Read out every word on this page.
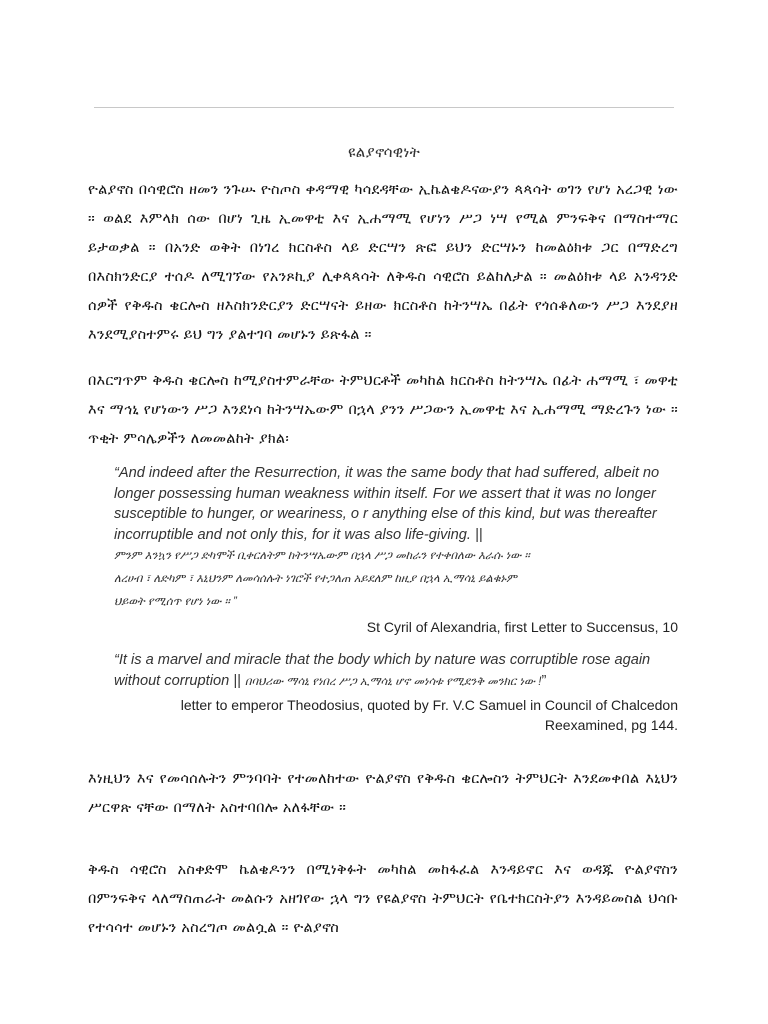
ዩልያኖሳዊነት
ዮልያኖስ በሳዊሮስ ዘመን ንጉሡ ዮስጦስ ቀዳማዊ ካሳደዳቸው ኢኬልቄዶናውያን ጳጳሳት ወገን የሆነ አረጋዊ ነው ። ወልደ እምላክ ሰው በሆነ ጊዜ ኢመዋቲ እና ኢሐማሚ የሆነን ሥጋ ነሣ የሚል ምንፍቅና በማስተማር ይታወቃል ። በአንድ ወቅት በነገረ ክርስቶስ ላይ ድርሣን ጽፎ ይህን ድርሣኑን ከመልዕክቱ ጋር በማድረግ በእስክንድርያ ተሰዶ ለሚገኘው የአንጾኪያ ሊቀጳጳሳት ለቅዱስ ሳዊሮስ ይልከለታል ። መልዕክቱ ላይ አንዳንድ ሰዎች የቅዱስ ቄርሎስ ዘእስክንድርያን ድርሣናት ይዘው ክርስቶስ ከትንሣኤ በፊት የጎሰቆለውን ሥጋ እንደያዘ እንደሚያስተምሩ ይህ ግን ያልተገባ መሆኑን ይጽፋል ።
በእርግጥም ቅዱስ ቄርሎስ ከሚያስተምራቸው ትምህርቶች መካከል ክርስቶስ ከትንሣኤ በፊት ሐማሚ ፣ መዋቲ እና ማኅኒ የሆነውን ሥጋ እንደነሳ ከትንሣኤውም በኋላ ያንን ሥጋውን ኢመዋቲ እና ኢሐማሚ ማድረጉን ነው ። ጥቂት ምሳሌዎችን ለመመልከት ያክል፡
“And indeed after the Resurrection, it was the same body that had suffered, albeit no longer possessing human weakness within itself. For we assert that it was no longer susceptible to hunger, or weariness, o r anything else of this kind, but was thereafter incorruptible and not only this, for it was also life-giving. ||
ምንም እንኳን የሥጋ ድካሞች ቢቀርለትም ከትንሣኤውም በኋላ ሥጋ መከራን የተቀበለው እራሱ ነው ።
ለረሀብ ፣ ለድካም ፣ እኒህንም ለመሳሰሉት ነገሮች የተጋለጠ አይደለም ከዚያ በኋላ ኢማሳኒ ይልቁኑም
ህይወት የሚሰጥ የሆነ ነው ። ”
St Cyril of Alexandria, first Letter to Succensus, 10
“It is a marvel and miracle that the body which by nature was corruptible rose again without corruption || በባህሪው ማሳኒ የነበረ ሥጋ ኢማሳኒ ሆኖ መነሳቱ የሚደንቅ መንክር ነው !”
letter to emperor Theodosius, quoted by Fr. V.C Samuel in Council of Chalcedon
Reexamined, pg 144.
እነዚህን እና የመሳሰሉትን ምንባባት የተመለከተው ዮልያኖስ የቅዱስ ቄርሎስን ትምህርት እንደመቀበል እኒህን ሥርዋጽ ናቸው በማለት አስተባበሎ አለፋቸው ።
ቅዱስ ሳዊሮስ አስቀድሞ ኬልቄዶንን በሚነቅፉት መካከል መከፋፈል እንዳይኖር እና ወዳጁ ዮልያኖስን በምንፍቅና ላለማስጠራት መልሱን አዘገየው ኋላ ግን የዩልያኖስ ትምህርት የቤተክርስትያን እንዳይመስል ህሳቡ የተሳሳተ መሆኑን አስረግጦ መልሷል ። ዮልያኖስ
